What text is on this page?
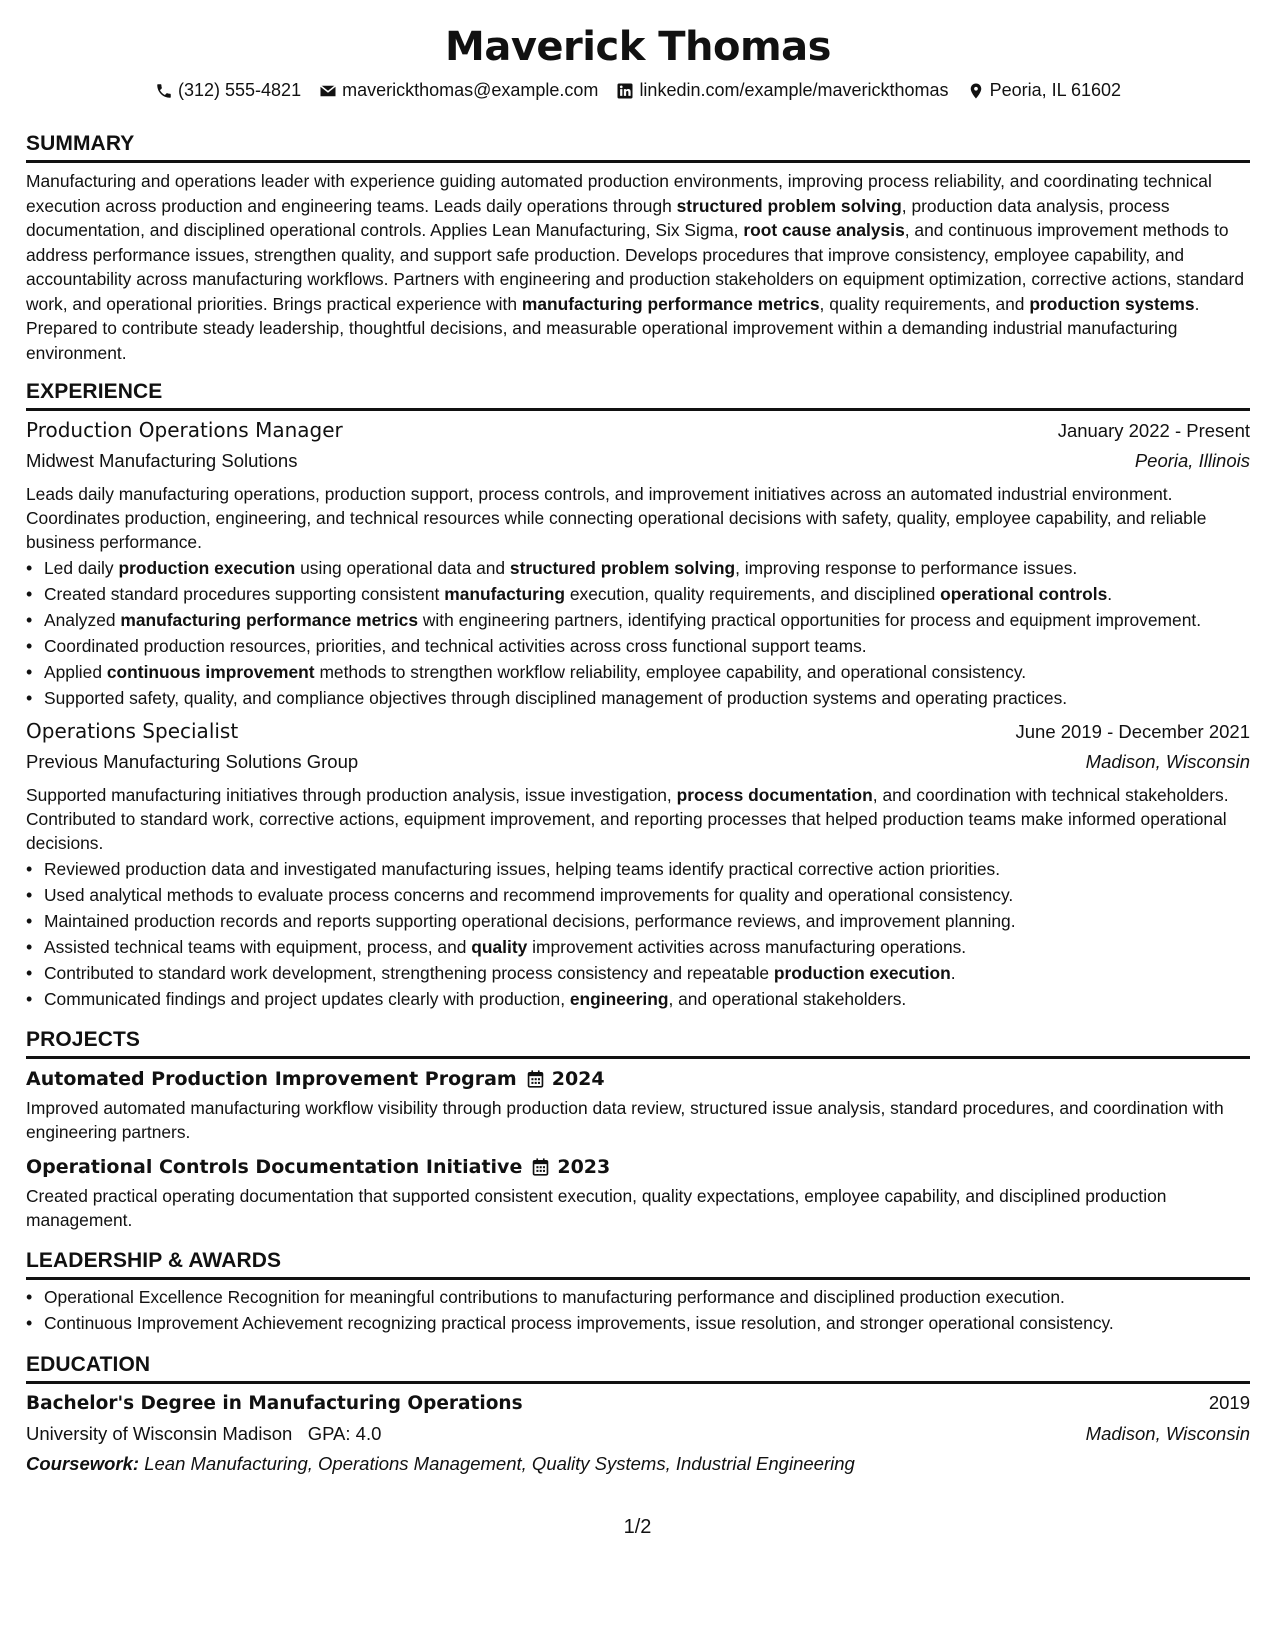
Maverick Thomas
(312) 555-4821 maverickthomas@example.com linkedin.com/example/maverickthomas Peoria, IL 61602
SUMMARY

Manufacturing and operations leader with experience guiding automated production environments, improving process reliability, and coordinating technical execution across production and engineering teams. Leads daily operations through structured problem solving, production data analysis, process documentation, and disciplined operational controls. Applies Lean Manufacturing, Six Sigma, root cause analysis, and continuous improvement methods to address performance issues, strengthen quality, and support safe production. Develops procedures that improve consistency, employee capability, and accountability across manufacturing workflows. Partners with engineering and production stakeholders on equipment optimization, corrective actions, standard work, and operational priorities. Brings practical experience with manufacturing performance metrics, quality requirements, and production systems. Prepared to contribute steady leadership, thoughtful decisions, and measurable operational improvement within a demanding industrial manufacturing environment.

EXPERIENCE
Production Operations Manager	January 2022 - Present
Midwest Manufacturing Solutions	Peoria, Illinois

Leads daily manufacturing operations, production support, process controls, and improvement initiatives across an automated industrial environment. Coordinates production, engineering, and technical resources while connecting operational decisions with safety, quality, employee capability, and reliable business performance.

• Led daily production execution using operational data and structured problem solving, improving response to performance issues.
• Created standard procedures supporting consistent manufacturing execution, quality requirements, and disciplined operational controls.
• Analyzed manufacturing performance metrics with engineering partners, identifying practical opportunities for process and equipment improvement.
• Coordinated production resources, priorities, and technical activities across cross functional support teams.
• Applied continuous improvement methods to strengthen workflow reliability, employee capability, and operational consistency.
• Supported safety, quality, and compliance objectives through disciplined management of production systems and operating practices.
Operations Specialist	June 2019 - December 2021
Previous Manufacturing Solutions Group	Madison, Wisconsin

Supported manufacturing initiatives through production analysis, issue investigation, process documentation, and coordination with technical stakeholders. Contributed to standard work, corrective actions, equipment improvement, and reporting processes that helped production teams make informed operational decisions.

• Reviewed production data and investigated manufacturing issues, helping teams identify practical corrective action priorities.
• Used analytical methods to evaluate process concerns and recommend improvements for quality and operational consistency.
• Maintained production records and reports supporting operational decisions, performance reviews, and improvement planning.
• Assisted technical teams with equipment, process, and quality improvement activities across manufacturing operations.
• Contributed to standard work development, strengthening process consistency and repeatable production execution.
• Communicated findings and project updates clearly with production, engineering, and operational stakeholders.
PROJECTS
Automated Production Improvement Program 2024

Improved automated manufacturing workflow visibility through production data review, structured issue analysis, standard procedures, and coordination with engineering partners.

Operational Controls Documentation Initiative 2023

Created practical operating documentation that supported consistent execution, quality expectations, employee capability, and disciplined production management.

LEADERSHIP & AWARDS
• Operational Excellence Recognition for meaningful contributions to manufacturing performance and disciplined production execution.
• Continuous Improvement Achievement recognizing practical process improvements, issue resolution, and stronger operational consistency.
EDUCATION
Bachelor's Degree in Manufacturing Operations	2019
University of Wisconsin Madison GPA: 4.0	Madison, Wisconsin
Coursework: Lean Manufacturing, Operations Management, Quality Systems, Industrial Engineering
1/2
